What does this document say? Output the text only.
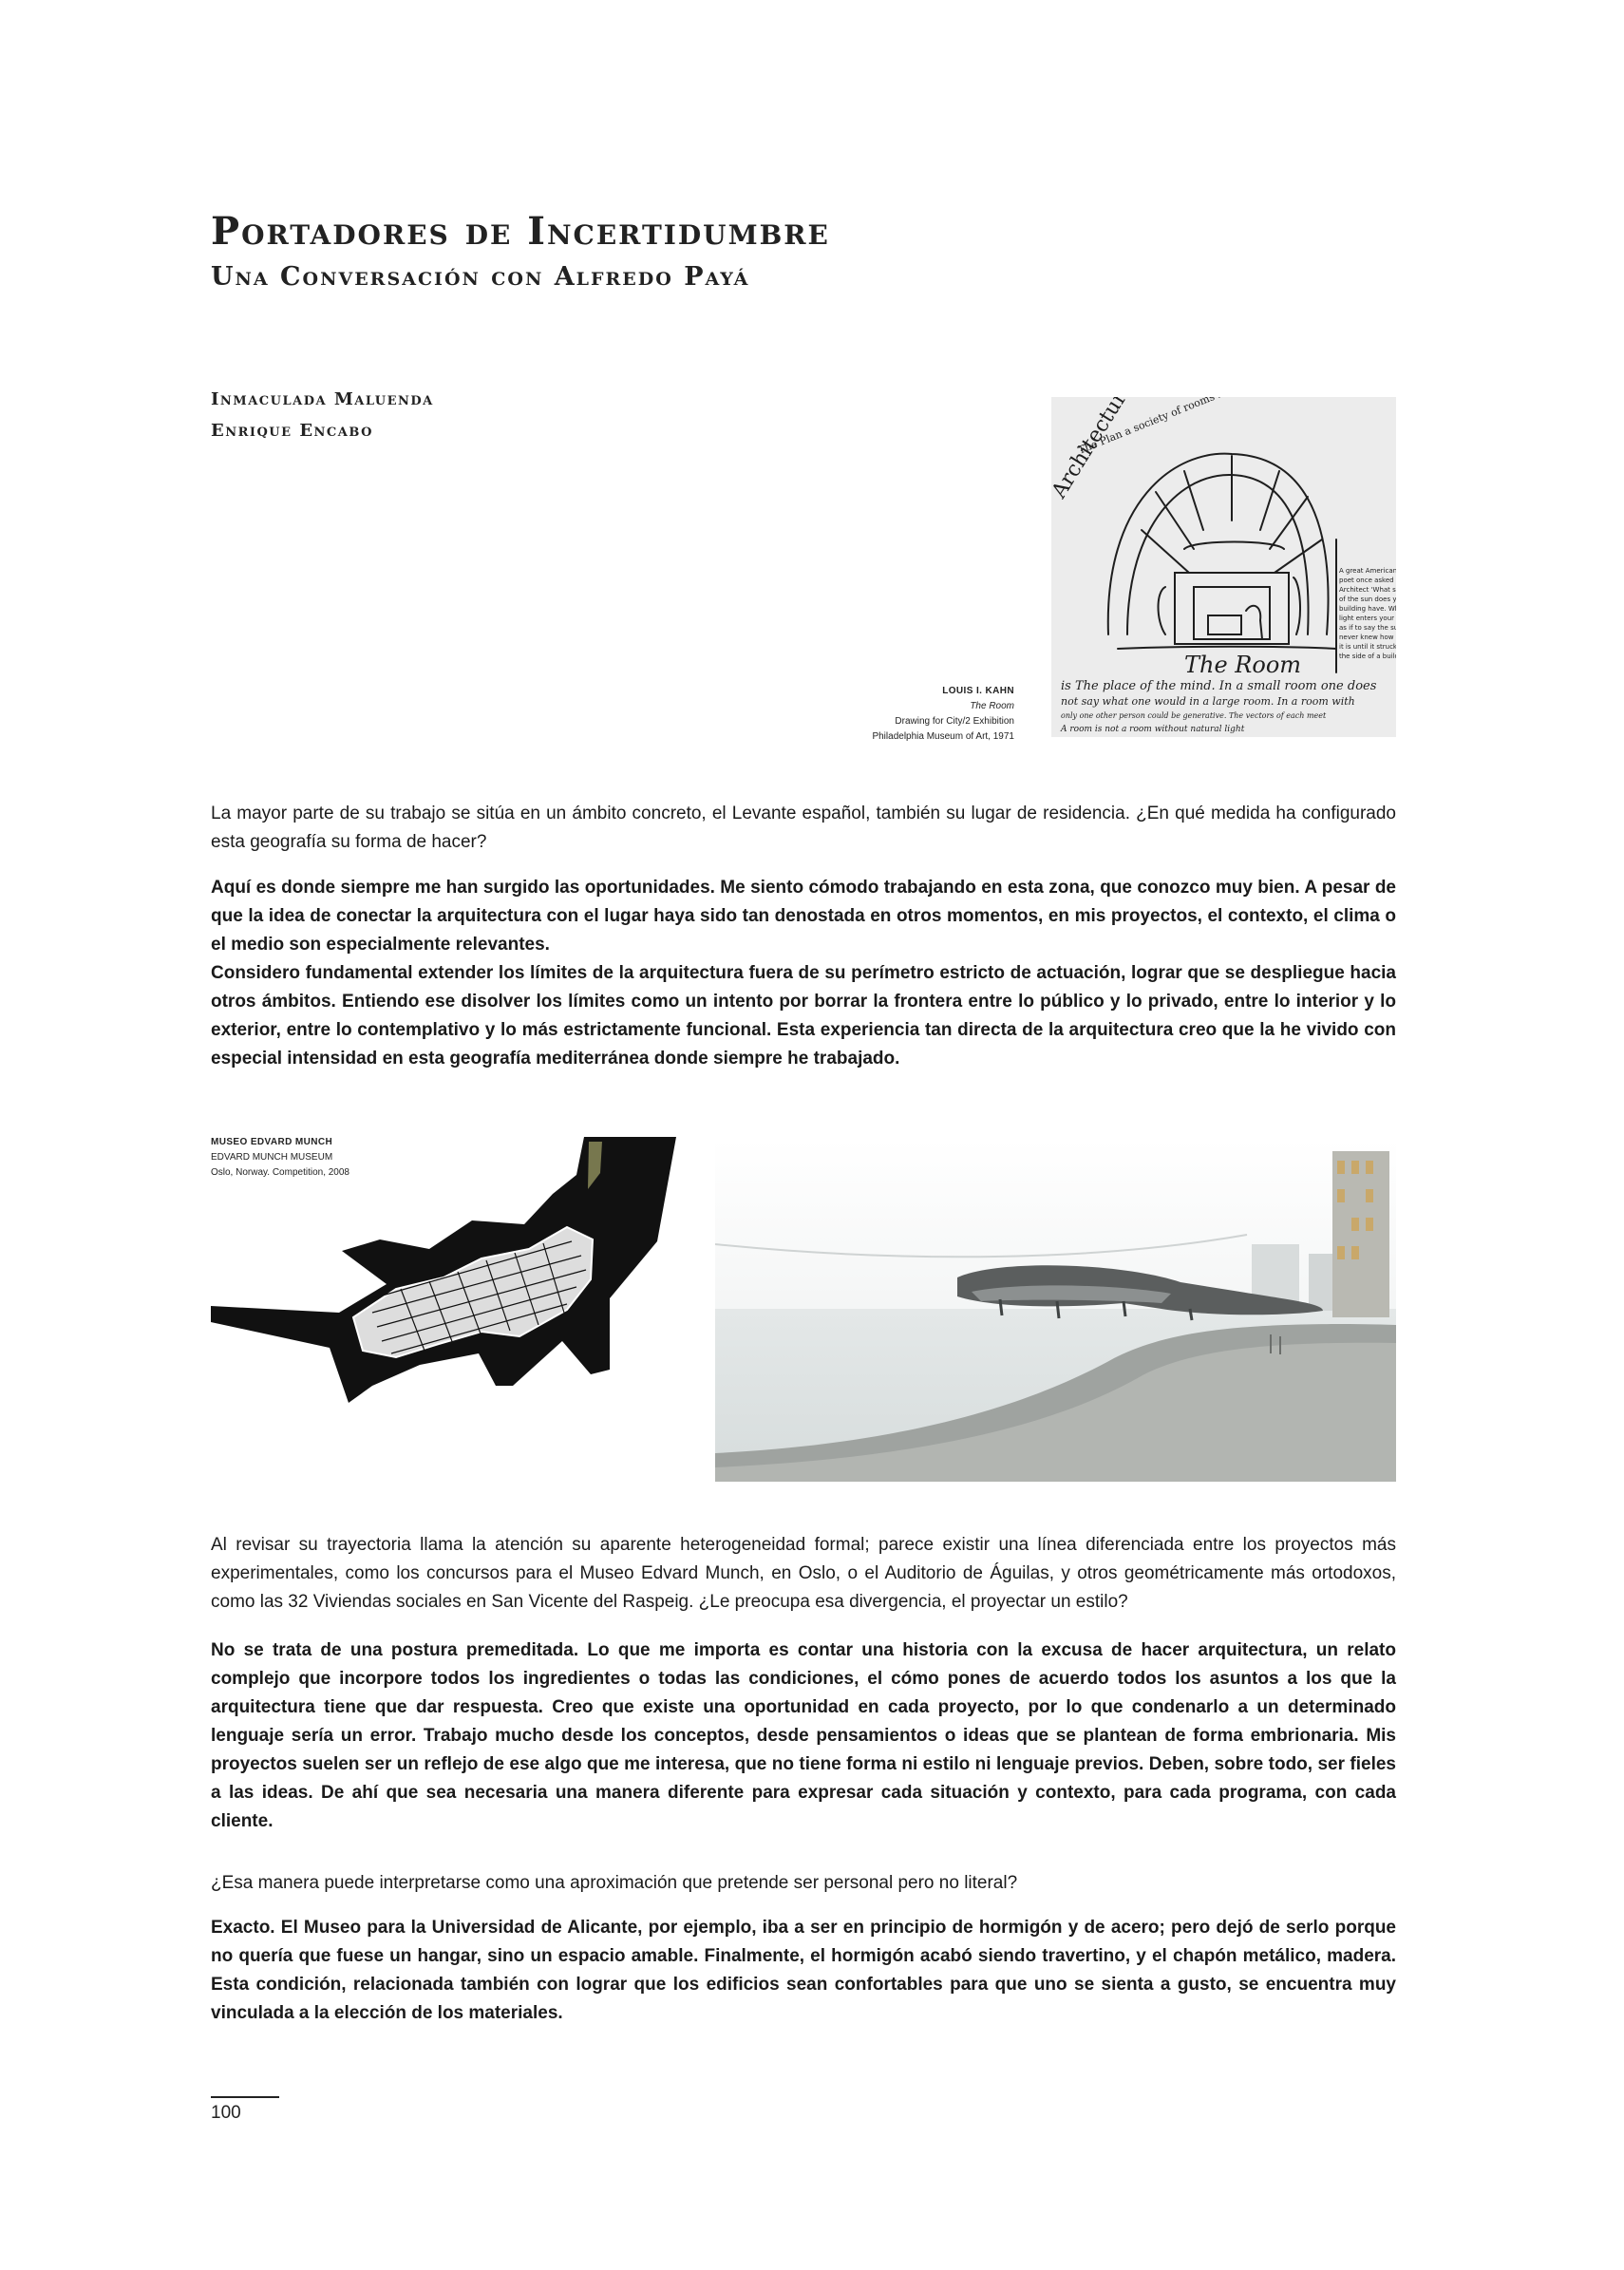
Portadores de Incertidumbre
Una Conversación con Alfredo Payá
Inmaculada Maluenda
Enrique Encabo
The Room
is The place of the mind. In a small room one does
not say what one would in a large room. In a room with
only one other person could be generative. The vectors of each meet
A room is not a room without natural light
A great American
poet once asked
Architect 'What s
of the sun does y
building have. W
light enters your
as if to say the sun
never knew how
it is until it struck
the side of a buil
LOUIS I. KAHN
The Room
Drawing for City/2 Exhibition
Philadelphia Museum of Art, 1971

La mayor parte de su trabajo se sitúa en un ámbito concreto, el Levante español, también su lugar de residencia. ¿En qué medida ha configurado esta geografía su forma de hacer?

Aquí es donde siempre me han surgido las oportunidades. Me siento cómodo trabajando en esta zona, que conozco muy bien. A pesar de que la idea de conectar la arquitectura con el lugar haya sido tan denostada en otros momentos, en mis proyectos, el contexto, el clima o el medio son especialmente relevantes.

Considero fundamental extender los límites de la arquitectura fuera de su perímetro estricto de actuación, lograr que se despliegue hacia otros ámbitos. Entiendo ese disolver los límites como un intento por borrar la frontera entre lo público y lo privado, entre lo interior y lo exterior, entre lo contemplativo y lo más estrictamente funcional. Esta experiencia tan directa de la arquitectura creo que la he vivido con especial intensidad en esta geografía mediterránea donde siempre he trabajado.

MUSEO EDVARD MUNCH
EDVARD MUNCH MUSEUM
Oslo, Norway. Competition, 2008

Al revisar su trayectoria llama la atención su aparente heterogeneidad formal; parece existir una línea diferenciada entre los proyectos más experimentales, como los concursos para el Museo Edvard Munch, en Oslo, o el Auditorio de Águilas, y otros geométricamente más ortodoxos, como las 32 Viviendas sociales en San Vicente del Raspeig. ¿Le preocupa esa divergencia, el proyectar un estilo?

No se trata de una postura premeditada. Lo que me importa es contar una historia con la excusa de hacer arquitectura, un relato complejo que incorpore todos los ingredientes o todas las condiciones, el cómo pones de acuerdo todos los asuntos a los que la arquitectura tiene que dar respuesta. Creo que existe una oportunidad en cada proyecto, por lo que condenarlo a un determinado lenguaje sería un error. Trabajo mucho desde los conceptos, desde pensamientos o ideas que se plantean de forma embrionaria. Mis proyectos suelen ser un reflejo de ese algo que me interesa, que no tiene forma ni estilo ni lenguaje previos. Deben, sobre todo, ser fieles a las ideas. De ahí que sea necesaria una manera diferente para expresar cada situación y contexto, para cada programa, con cada cliente.

¿Esa manera puede interpretarse como una aproximación que pretende ser personal pero no literal?

Exacto. El Museo para la Universidad de Alicante, por ejemplo, iba a ser en principio de hormigón y de acero; pero dejó de serlo porque no quería que fuese un hangar, sino un espacio amable. Finalmente, el hormigón acabó siendo travertino, y el chapón metálico, madera. Esta condición, relacionada también con lograr que los edificios sean confortables para que uno se sienta a gusto, se encuentra muy vinculada a la elección de los materiales.

100
